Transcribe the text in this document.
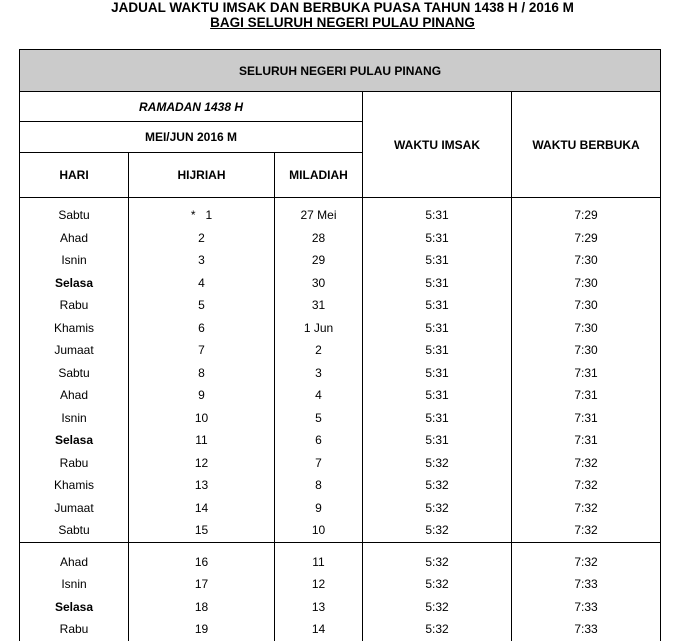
JADUAL WAKTU IMSAK DAN BERBUKA PUASA TAHUN 1438 H / 2016 M
BAGI SELURUH NEGERI PULAU PINANG
SELURUH NEGERI PULAU PINANG				
RAMADAN 1438 H			WAKTU IMSAK	WAKTU BERBUKA
MEI/JUN 2016 M				
HARI	HIJRIAH	MILADIAH		
Sabtu	*   1	27 Mei	5:31	7:29
Ahad	2	28	5:31	7:29
Isnin	3	29	5:31	7:30
Selasa	4	30	5:31	7:30
Rabu	5	31	5:31	7:30
Khamis	6	1 Jun	5:31	7:30
Jumaat	7	2	5:31	7:30
Sabtu	8	3	5:31	7:31
Ahad	9	4	5:31	7:31
Isnin	10	5	5:31	7:31
Selasa	11	6	5:31	7:31
Rabu	12	7	5:32	7:32
Khamis	13	8	5:32	7:32
Jumaat	14	9	5:32	7:32
Sabtu	15	10	5:32	7:32
Ahad	16	11	5:32	7:32
Isnin	17	12	5:32	7:33
Selasa	18	13	5:32	7:33
Rabu	19	14	5:32	7:33
